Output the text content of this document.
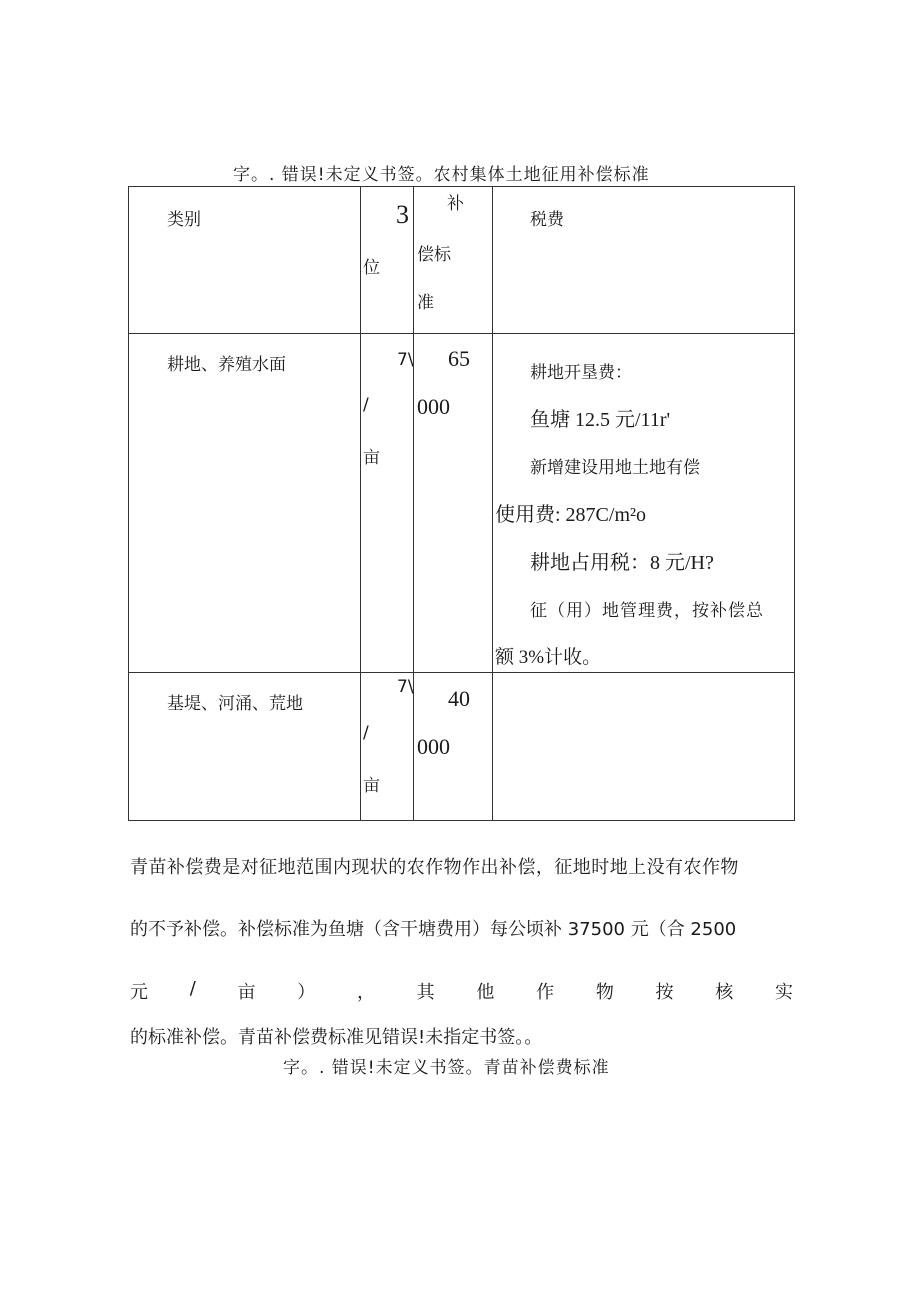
字。. 错误!未定义书签。农村集体土地征用补偿标准
类别	3
位
补
偿标
准
税费
耕地、养殖水面	7\
/
亩
65
000
耕地开垦费：
鱼塘 12.5 元/11r'
新增建设用地土地有偿
使用费: 287C/m²o
耕地占用税：8 元/H?
征（用）地管理费，按补偿总
额 3%计收。
基堤、河涌、荒地
7\
/
亩
40
000
青苗补偿费是对征地范围内现状的农作物作出补偿，征地时地上没有农作物
的不予补偿。补偿标准为鱼塘（含干塘费用）每公顷补 37500 元（合 2500
元 / 亩 ） ， 其 他 作 物 按 核 实
的标准补偿。青苗补偿费标准见错误!未指定书签。。
字。. 错误!未定义书签。青苗补偿费标准
